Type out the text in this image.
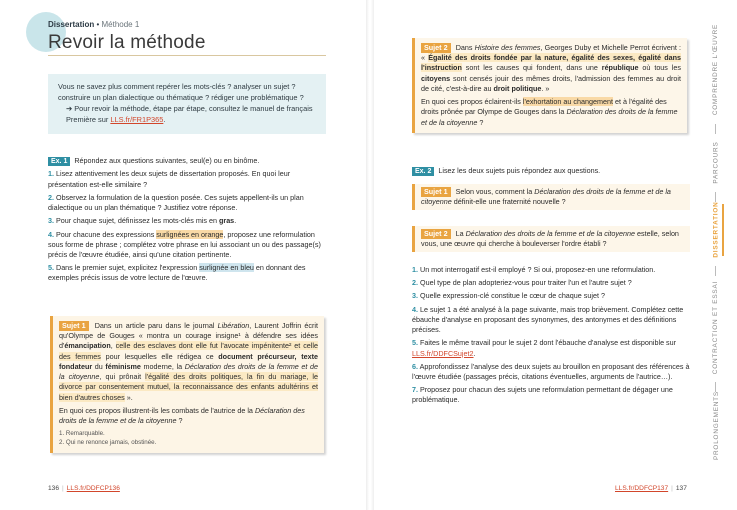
Dissertation • Méthode 1
Revoir la méthode

Vous ne savez plus comment repérer les mots-clés ? analyser un sujet ? construire un plan dialectique ou thématique ? rédiger une problématique ?

➔ Pour revoir la méthode, étape par étape, consultez le manuel de français Première sur LLS.fr/FR1P365.

Ex. 1 Répondez aux questions suivantes, seul(e) ou en binôme.

1. Lisez attentivement les deux sujets de dissertation proposés. En quoi leur présentation est-elle similaire ?

2. Observez la formulation de la question posée. Ces sujets appellent-ils un plan dialectique ou un plan thématique ? Justifiez votre réponse.

3. Pour chaque sujet, définissez les mots-clés mis en gras.

4. Pour chacune des expressions surlignées en orange, proposez une reformulation sous forme de phrase ; complétez votre phrase en lui associant un ou des passage(s) précis de l'œuvre étudiée, ainsi qu'une citation pertinente.

5. Dans le premier sujet, explicitez l'expression surlignée en bleu en donnant des exemples précis issus de votre lecture de l'œuvre.

Sujet 1 Dans un article paru dans le journal Libération, Laurent Joffrin écrit qu'Olympe de Gouges « montra un courage insigne¹ à défendre ses idées d'émancipation, celle des esclaves dont elle fut l'avocate impénitente² et celle des femmes pour lesquelles elle rédigea ce document précurseur, texte fondateur du féminisme moderne, la Déclaration des droits de la femme et de la citoyenne, qui prônait l'égalité des droits politiques, la fin du mariage, le divorce par consentement mutuel, la reconnaissance des enfants adultérins et bien d'autres choses ».

En quoi ces propos illustrent-ils les combats de l'autrice de la Déclaration des droits de la femme et de la citoyenne ?

1. Remarquable.

2. Qui ne renonce jamais, obstinée.

136 | LLS.fr/DDFCP136

Sujet 2 Dans Histoire des femmes, Georges Duby et Michelle Perrot écrivent : « Égalité des droits fondée par la nature, égalité des sexes, égalité dans l'instruction sont les causes qui fondent, dans une république où tous les citoyens sont censés jouir des mêmes droits, l'admission des femmes au droit de cité, c'est-à-dire au droit politique. »

En quoi ces propos éclairent-ils l'exhortation au changement et à l'égalité des droits prônée par Olympe de Gouges dans la Déclaration des droits de la femme et de la citoyenne ?

Ex. 2 Lisez les deux sujets puis répondez aux questions.

Sujet 1 Selon vous, comment la Déclaration des droits de la femme et de la citoyenne définit-elle une fraternité nouvelle ?

Sujet 2 La Déclaration des droits de la femme et de la citoyenne estelle, selon vous, une œuvre qui cherche à bouleverser l'ordre établi ?

1. Un mot interrogatif est-il employé ? Si oui, proposez-en une reformulation.

2. Quel type de plan adopteriez-vous pour traiter l'un et l'autre sujet ?

3. Quelle expression-clé constitue le cœur de chaque sujet ?

4. Le sujet 1 a été analysé à la page suivante, mais trop brièvement. Complétez cette ébauche d'analyse en proposant des synonymes, des antonymes et des définitions précises.

5. Faites le même travail pour le sujet 2 dont l'ébauche d'analyse est disponible sur LLS.fr/DDFCSujet2.

6. Approfondissez l'analyse des deux sujets au brouillon en proposant des références à l'œuvre étudiée (passages précis, citations éventuelles, arguments de l'autrice…).

7. Proposez pour chacun des sujets une reformulation permettant de dégager une problématique.

LLS.fr/DDFCP137 | 137
COMPRENDRE L'ŒUVRE
PARCOURS
DISSERTATION
CONTRACTION ET ESSAI
PROLONGEMENTS
